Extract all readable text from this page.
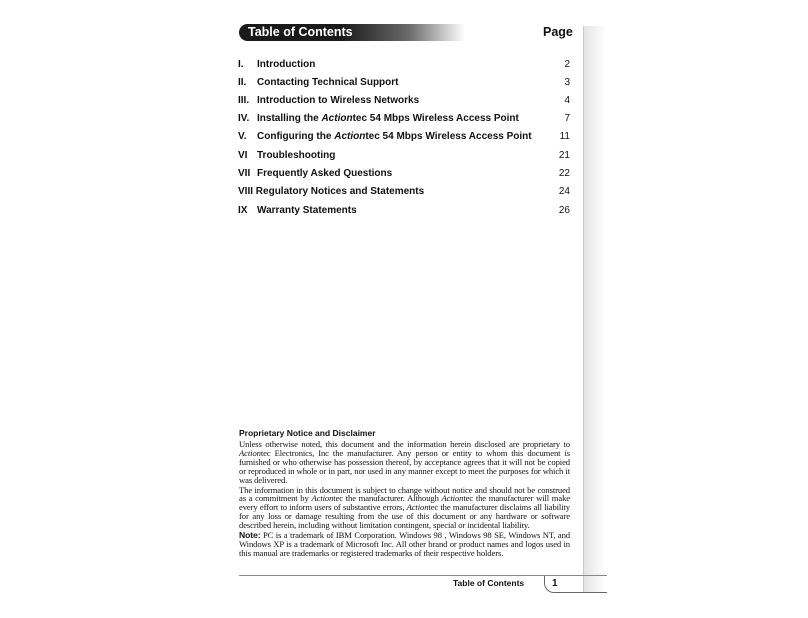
Table of Contents	Page
I. Introduction	2
II. Contacting Technical Support	3
III. Introduction to Wireless Networks	4
IV. Installing the Actiontec 54 Mbps Wireless Access Point	7
V. Configuring the Actiontec 54 Mbps Wireless Access Point	11
VI Troubleshooting	21
VII Frequently Asked Questions	22
VIII Regulatory Notices and Statements	24
IX Warranty Statements	26
Proprietary Notice and Disclaimer

Unless otherwise noted, this document and the information herein disclosed are proprietary to Actiontec Electronics, Inc the manufacturer. Any person or entity to whom this document is furnished or who otherwise has possession thereof, by acceptance agrees that it will not be copied or reproduced in whole or in part, nor used in any manner except to meet the purposes for which it was delivered.

The information in this document is subject to change without notice and should not be construed as a commitment by Actiontec the manufacturer. Although Actiontec the manufacturer will make every effort to inform users of substantive errors, Actiontec the manufacturer disclaims all liability for any loss or damage resulting from the use of this document or any hardware or software described herein, including without limitation contingent, special or incidental liability.

Note: PC is a trademark of IBM Corporation. Windows 98 , Windows 98 SE, Windows NT, and Windows XP is a trademark of Microsoft Inc. All other brand or product names and logos used in this manual are trademarks or registered trademarks of their respective holders.

Table of Contents	1
